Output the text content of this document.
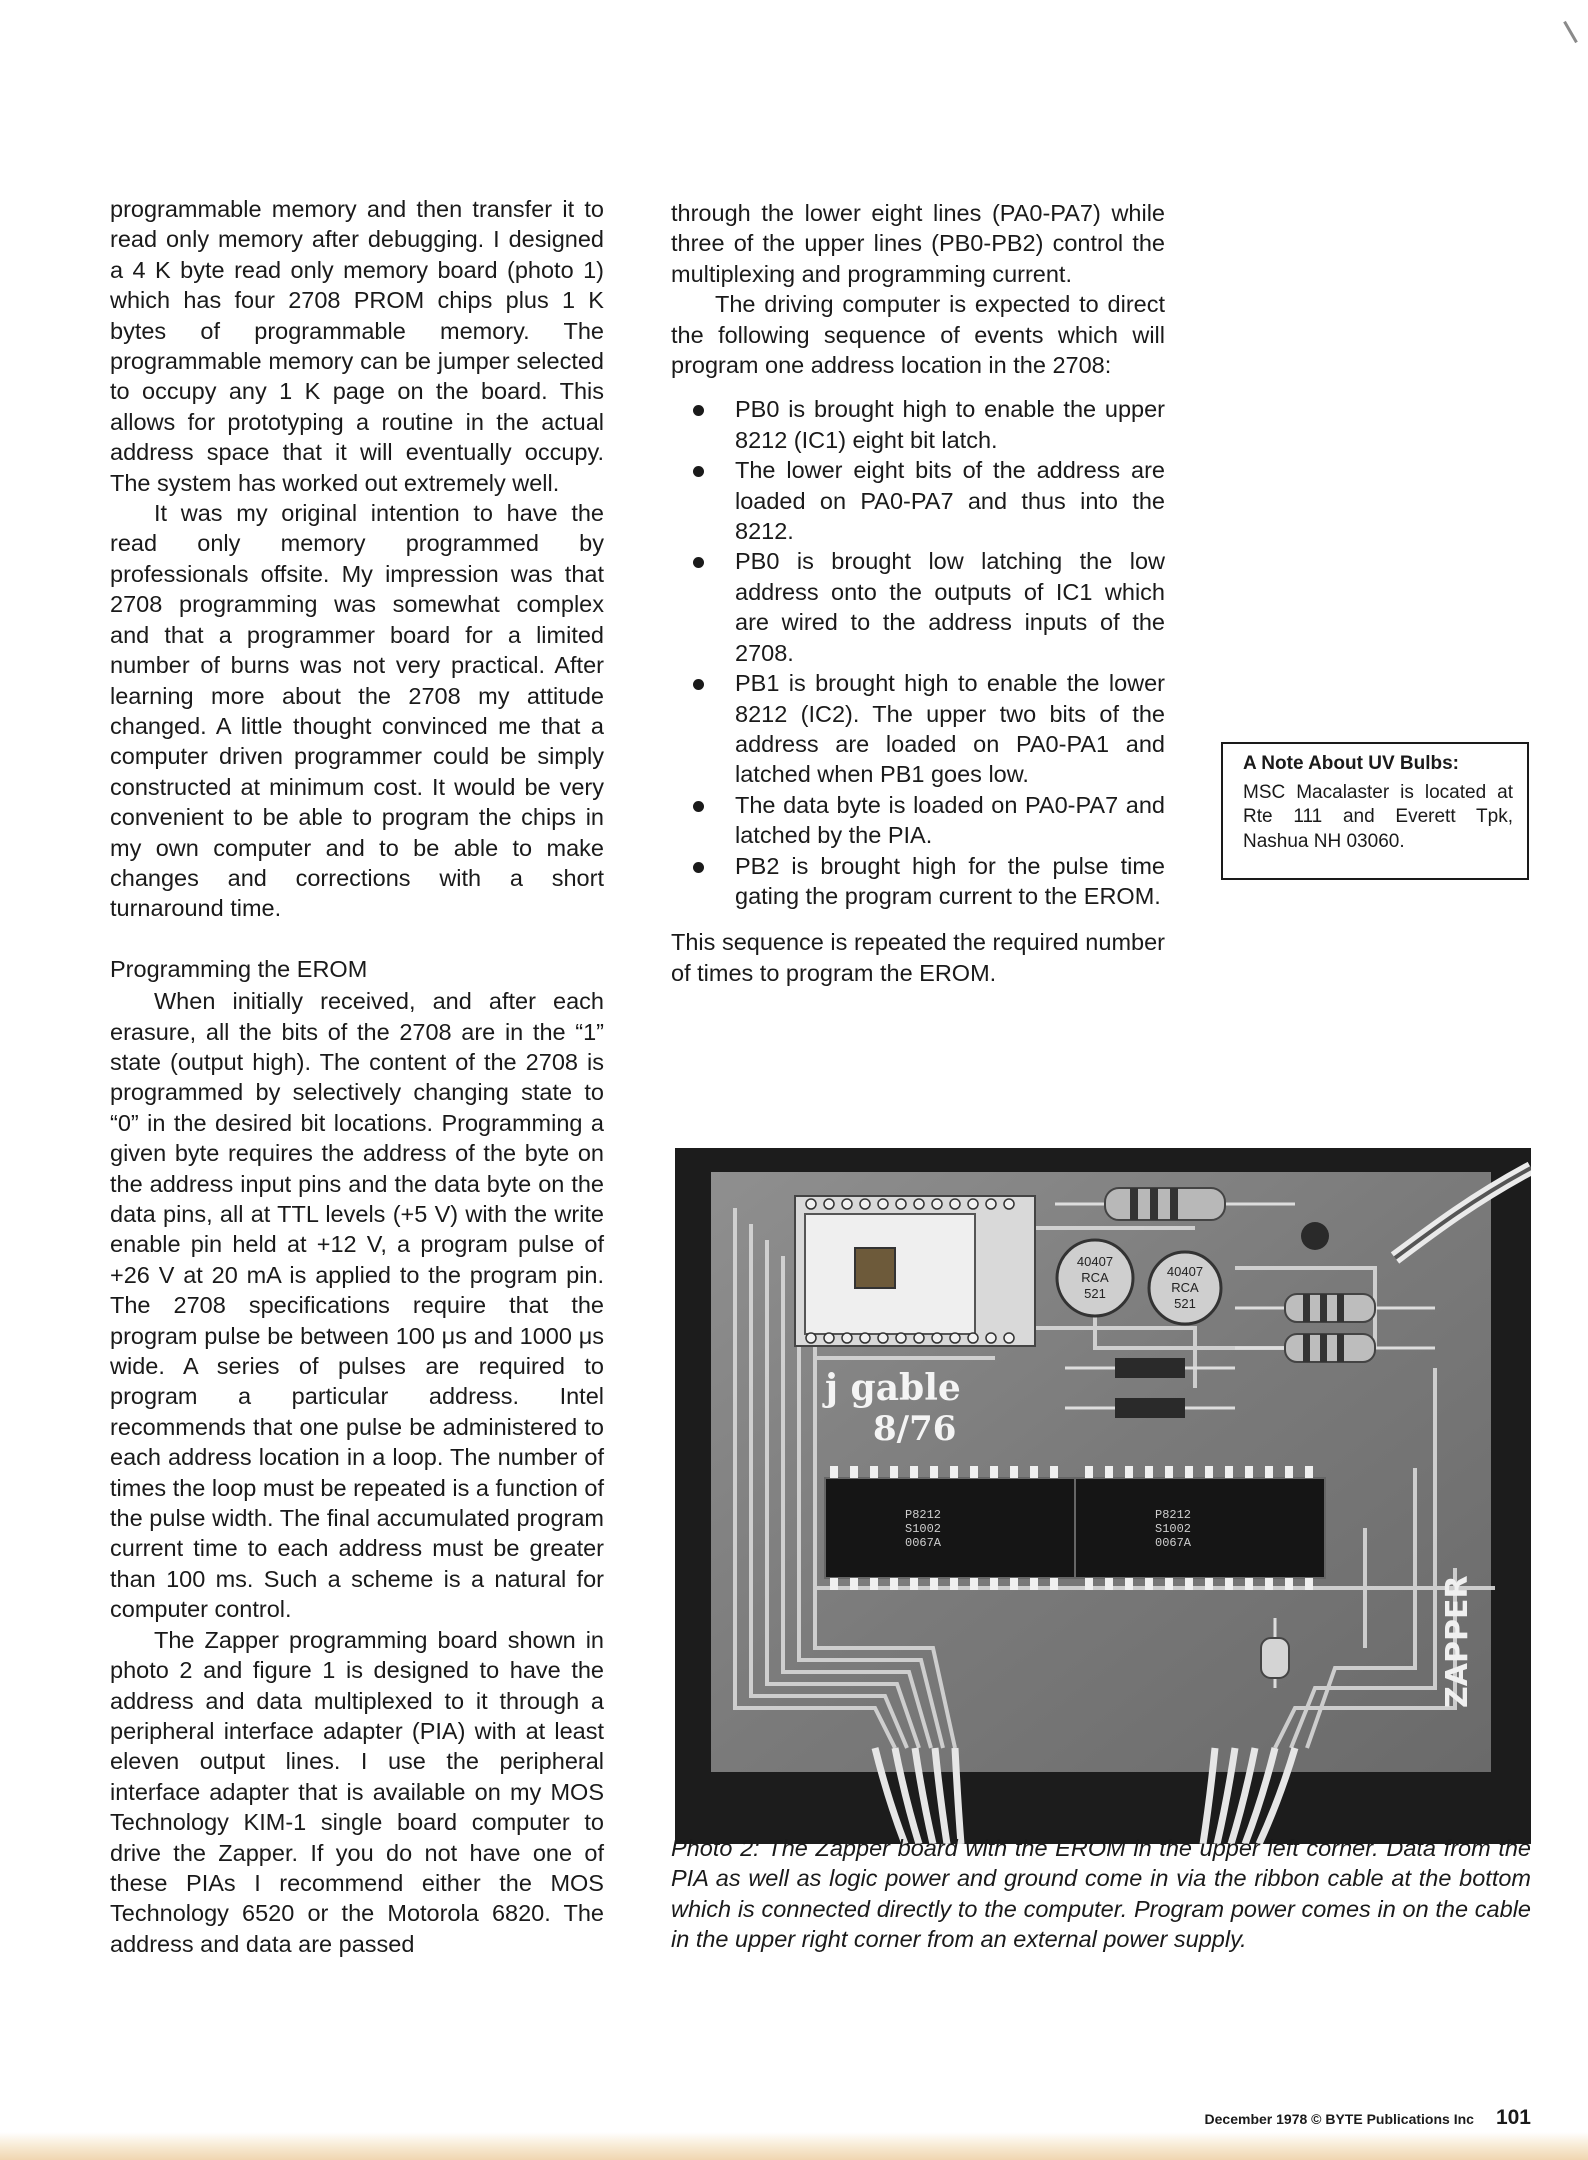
programmable memory and then transfer it to read only memory after debugging. I designed a 4 K byte read only memory board (photo 1) which has four 2708 PROM chips plus 1 K bytes of programmable memory. The programmable memory can be jumper selected to occupy any 1 K page on the board. This allows for prototyping a routine in the actual address space that it will eventually occupy. The system has worked out extremely well.

It was my original intention to have the read only memory programmed by professionals offsite. My impression was that 2708 programming was somewhat complex and that a programmer board for a limited number of burns was not very practical. After learning more about the 2708 my attitude changed. A little thought convinced me that a computer driven programmer could be simply constructed at minimum cost. It would be very convenient to be able to program the chips in my own computer and to be able to make changes and corrections with a short turnaround time.

Programming the EROM

When initially received, and after each erasure, all the bits of the 2708 are in the “1” state (output high). The content of the 2708 is programmed by selectively changing state to “0” in the desired bit locations. Programming a given byte requires the address of the byte on the address input pins and the data byte on the data pins, all at TTL levels (+5 V) with the write enable pin held at +12 V, a program pulse of +26 V at 20 mA is applied to the program pin. The 2708 specifications require that the program pulse be between 100 μs and 1000 μs wide. A series of pulses are required to program a particular address. Intel recommends that one pulse be administered to each address location in a loop. The number of times the loop must be repeated is a function of the pulse width. The final accumulated program current time to each address must be greater than 100 ms. Such a scheme is a natural for computer control.

The Zapper programming board shown in photo 2 and figure 1 is designed to have the address and data multiplexed to it through a peripheral interface adapter (PIA) with at least eleven output lines. I use the peripheral interface adapter that is available on my MOS Technology KIM-1 single board computer to drive the Zapper. If you do not have one of these PIAs I recommend either the MOS Technology 6520 or the Motorola 6820. The address and data are passed

through the lower eight lines (PA0-PA7) while three of the upper lines (PB0-PB2) control the multiplexing and programming current.

The driving computer is expected to direct the following sequence of events which will program one address location in the 2708:

PB0 is brought high to enable the upper 8212 (IC1) eight bit latch.
The lower eight bits of the address are loaded on PA0-PA7 and thus into the 8212.
PB0 is brought low latching the low address onto the outputs of IC1 which are wired to the address inputs of the 2708.
PB1 is brought high to enable the lower 8212 (IC2). The upper two bits of the address are loaded on PA0-PA1 and latched when PB1 goes low.
The data byte is loaded on PA0-PA7 and latched by the PIA.
PB2 is brought high for the pulse time gating the program current to the EROM.

This sequence is repeated the required number of times to program the EROM.

A Note About UV Bulbs:
MSC Macalaster is located at Rte 111 and Everett Tpk, Nashua NH 03060.
40407
RCA
521
40407
RCA
521
j gable
8/76
P8212
S1002
0067A
P8212
S1002
0067A
ZAPPER
Photo 2: The Zapper board with the EROM in the upper left corner. Data from the PIA as well as logic power and ground come in via the ribbon cable at the bottom which is connected directly to the computer. Program power comes in on the cable in the upper right corner from an external power supply.
December 1978 © BYTE Publications Inc 101
